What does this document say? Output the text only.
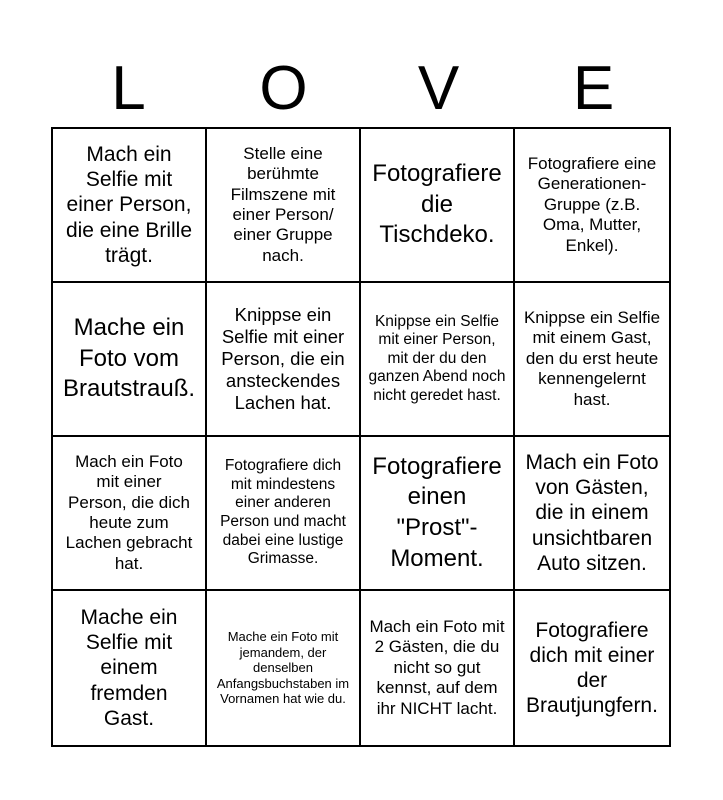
L	O	V	E
Mach ein Selfie mit einer Person, die eine Brille trägt.
Stelle eine berühmte Filmszene mit einer Person/ einer Gruppe nach.
Fotografiere die Tischdeko.
Fotografiere eine Generationen-Gruppe (z.B. Oma, Mutter, Enkel).
Mache ein Foto vom Brautstrauß.
Knippse ein Selfie mit einer Person, die ein ansteckendes Lachen hat.
Knippse ein Selfie mit einer Person, mit der du den ganzen Abend noch nicht geredet hast.
Knippse ein Selfie mit einem Gast, den du erst heute kennengelernt hast.
Mach ein Foto mit einer Person, die dich heute zum Lachen gebracht hat.
Fotografiere dich mit mindestens einer anderen Person und macht dabei eine lustige Grimasse.
Fotografiere einen "Prost"-Moment.
Mach ein Foto von Gästen, die in einem unsichtbaren Auto sitzen.
Mache ein Selfie mit einem fremden Gast.
Mache ein Foto mit jemandem, der denselben Anfangsbuchstaben im Vornamen hat wie du.
Mach ein Foto mit 2 Gästen, die du nicht so gut kennst, auf dem ihr NICHT lacht.
Fotografiere dich mit einer der Brautjungfern.
